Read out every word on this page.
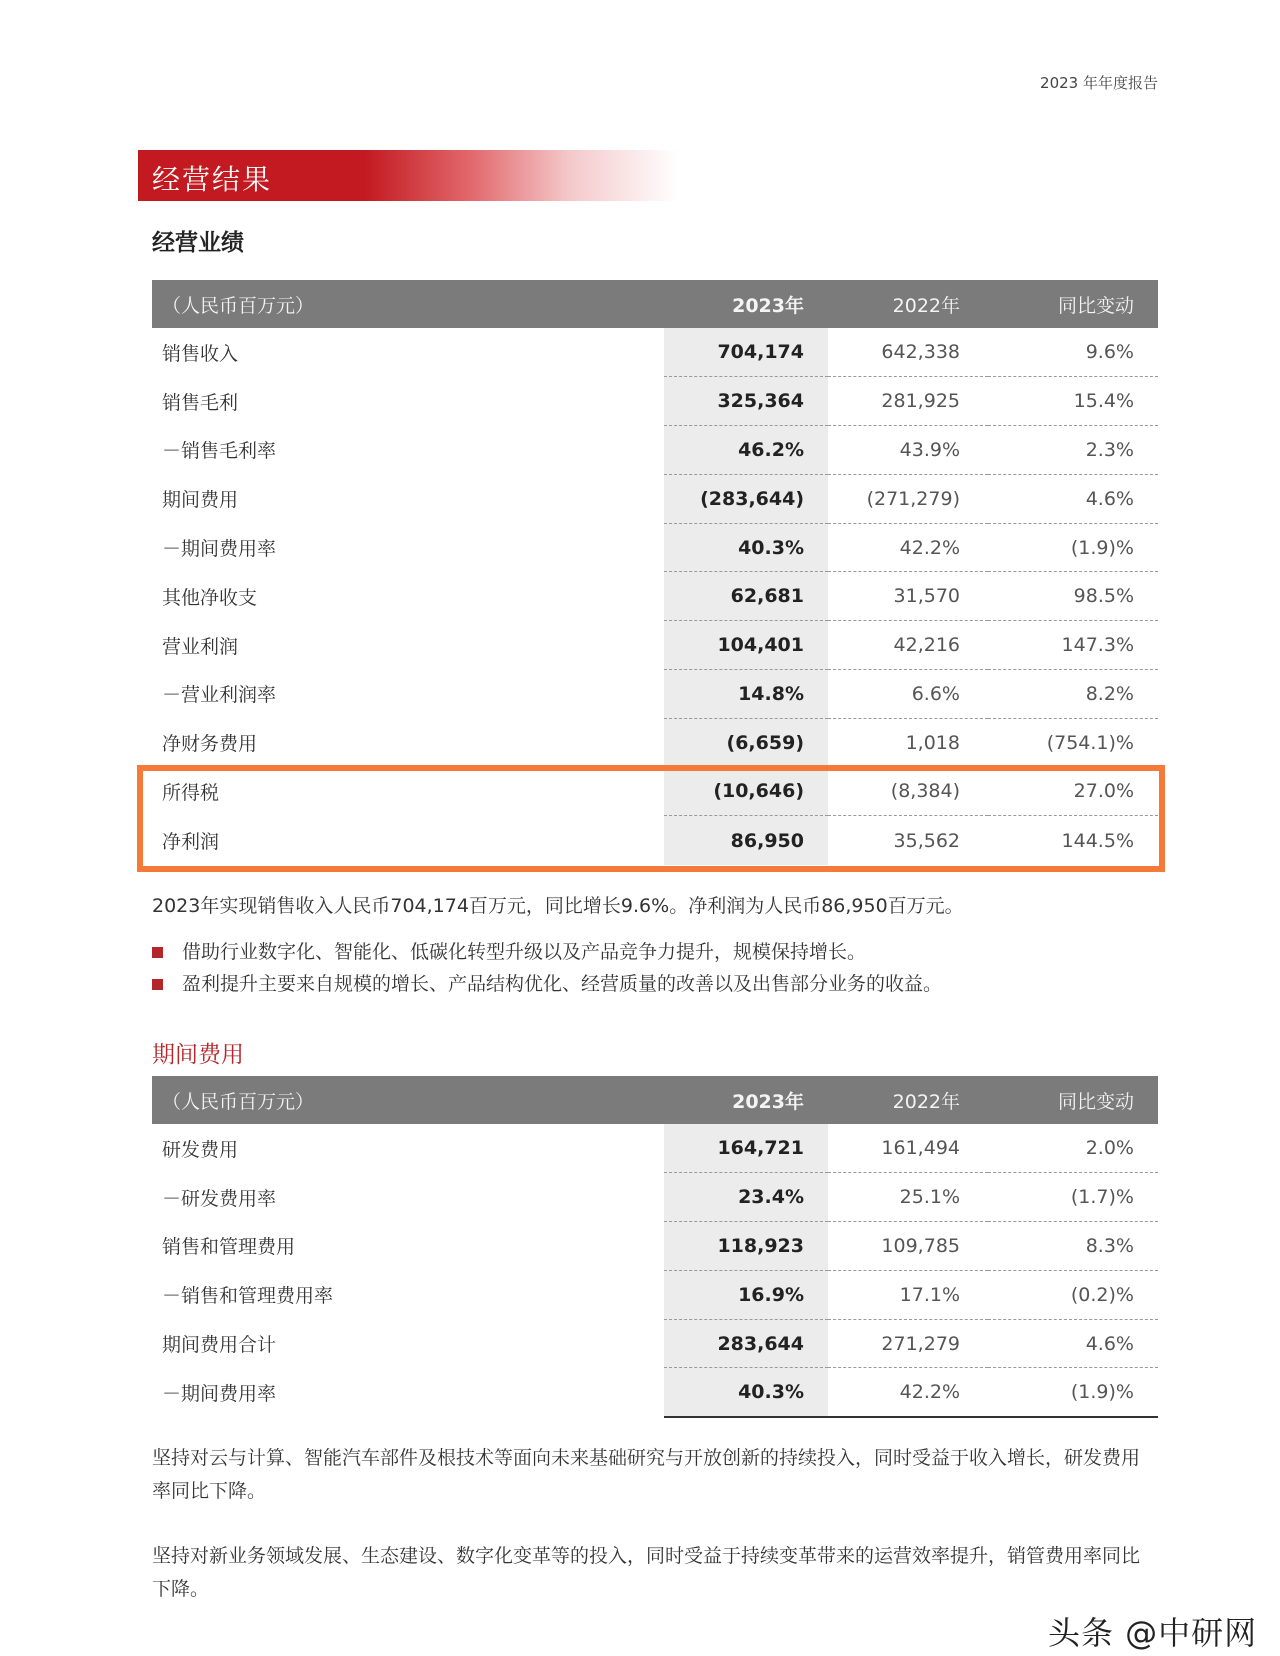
2023 年年度报告
经营结果
经营业绩
（人民币百万元）	2023年	2022年	同比变动
销售收入	704,174	642,338	9.6%
销售毛利	325,364	281,925	15.4%
－销售毛利率	46.2%	43.9%	2.3%
期间费用	(283,644)	(271,279)	4.6%
－期间费用率	40.3%	42.2%	(1.9)%
其他净收支	62,681	31,570	98.5%
营业利润	104,401	42,216	147.3%
－营业利润率	14.8%	6.6%	8.2%
净财务费用	(6,659)	1,018	(754.1)%
所得税	(10,646)	(8,384)	27.0%
净利润	86,950	35,562	144.5%
2023年实现销售收入人民币704,174百万元，同比增长9.6%。净利润为人民币86,950百万元。
借助行业数字化、智能化、低碳化转型升级以及产品竞争力提升，规模保持增长。
盈利提升主要来自规模的增长、产品结构优化、经营质量的改善以及出售部分业务的收益。
期间费用
（人民币百万元）	2023年	2022年	同比变动
研发费用	164,721	161,494	2.0%
－研发费用率	23.4%	25.1%	(1.7)%
销售和管理费用	118,923	109,785	8.3%
－销售和管理费用率	16.9%	17.1%	(0.2)%
期间费用合计	283,644	271,279	4.6%
－期间费用率	40.3%	42.2%	(1.9)%
坚持对云与计算、智能汽车部件及根技术等面向未来基础研究与开放创新的持续投入，同时受益于收入增长，研发费用率同比下降。
坚持对新业务领域发展、生态建设、数字化变革等的投入，同时受益于持续变革带来的运营效率提升，销管费用率同比下降。
头条 @中研网
